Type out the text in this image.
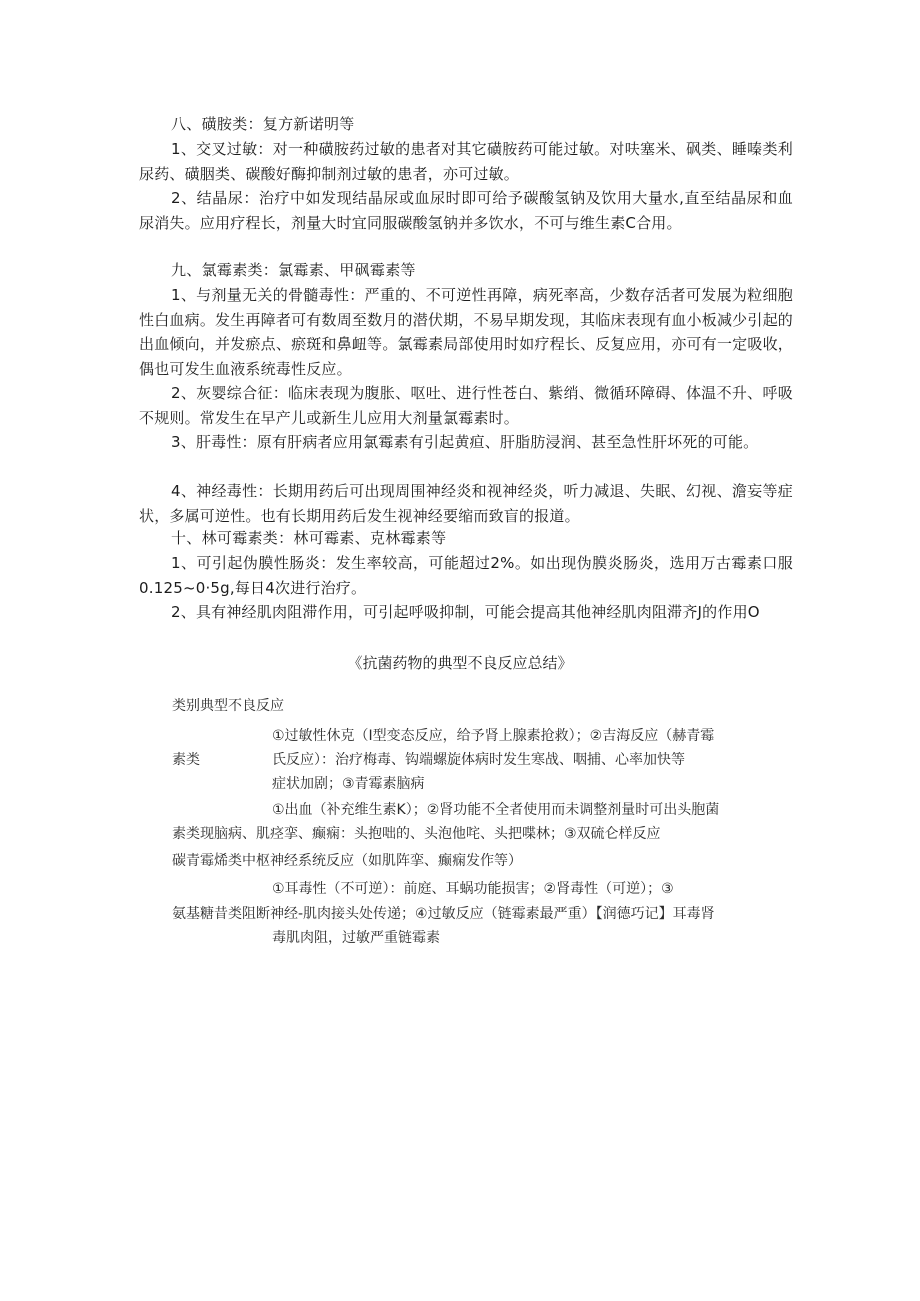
八、磺胺类：复方新诺明等

1、交叉过敏：对一种磺胺药过敏的患者对其它磺胺药可能过敏。对呋塞米、砜类、睡嗪类利尿药、磺胭类、碳酸好酶抑制剂过敏的患者，亦可过敏。

2、结晶尿：治疗中如发现结晶尿或血尿时即可给予碳酸氢钠及饮用大量水,直至结晶尿和血尿消失。应用疗程长，剂量大时宜同服碳酸氢钠并多饮水，不可与维生素C合用。

九、氯霉素类：氯霉素、甲砜霉素等

1、与剂量无关的骨髓毒性：严重的、不可逆性再障，病死率高，少数存活者可发展为粒细胞性白血病。发生再障者可有数周至数月的潜伏期，不易早期发现，其临床表现有血小板减少引起的出血倾向，并发瘀点、瘀斑和鼻衄等。氯霉素局部使用时如疗程长、反复应用，亦可有一定吸收，偶也可发生血液系统毒性反应。

2、灰婴综合征：临床表现为腹胀、呕吐、进行性苍白、紫绡、微循环障碍、体温不升、呼吸不规则。常发生在早产儿或新生儿应用大剂量氯霉素时。

3、肝毒性：原有肝病者应用氯霉素有引起黄疸、肝脂肪浸润、甚至急性肝坏死的可能。

4、神经毒性：长期用药后可出现周围神经炎和视神经炎，听力减退、失眠、幻视、澹妄等症状，多属可逆性。也有长期用药后发生视神经要缩而致盲的报道。

十、林可霉素类：林可霉素、克林霉素等

1、可引起伪膜性肠炎：发生率较高，可能超过2%。如出现伪膜炎肠炎，选用万古霉素口服0.125~0·5g,每日4次进行治疗。

2、具有神经肌肉阻滞作用，可引起呼吸抑制，可能会提高其他神经肌肉阻滞齐J的作用O

《抗菌药物的典型不良反应总结》

类别典型不良反应

①过敏性休克（Ⅰ型变态反应，给予肾上腺素抢救）；②吉海反应（赫青霉

素类	氏反应）：治疗梅毒、钩端螺旋体病时发生寒战、咽捕、心率加快等

症状加剧；③青霉素脑病

①出血（补充维生素K）；②肾功能不全者使用而未调整剂量时可出头胞菌

素类现脑病、肌痉挛、癫痫：头抱咄的、头泡他咤、头把喋林；③双硫仑样反应

碳青霉烯类中枢神经系统反应（如肌阵挛、癫痫发作等）

①耳毒性（不可逆）：前庭、耳蜗功能损害；②肾毒性（可逆）；③

氨基糖昔类阻断神经-肌肉接头处传递；④过敏反应（链霉素最严重）【润德巧记】耳毒肾

毒肌肉阻，过敏严重链霉素
